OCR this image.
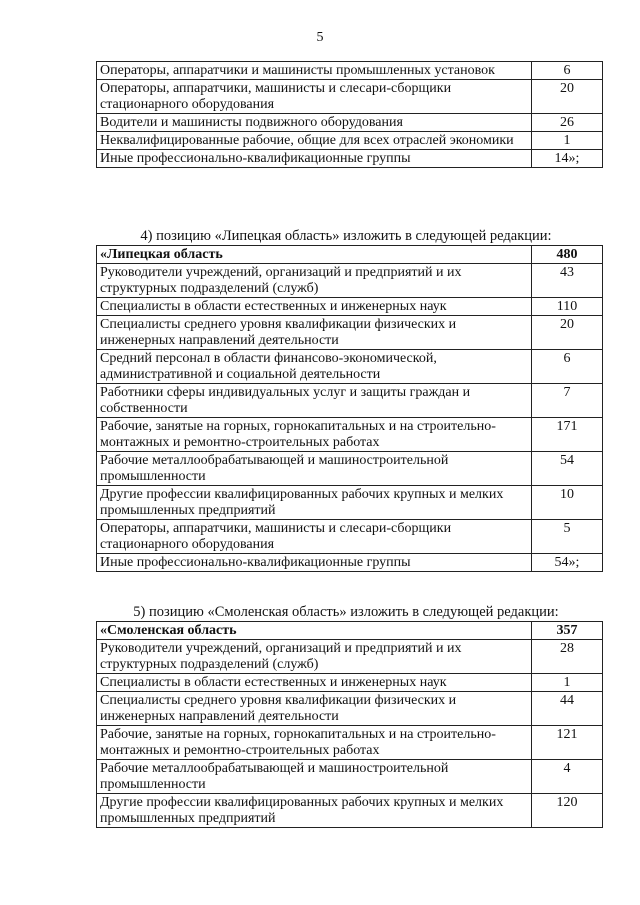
5
Операторы, аппаратчики и машинисты промышленных установок	6
Операторы, аппаратчики, машинисты и слесари-сборщики стационарного оборудования	20
Водители и машинисты подвижного оборудования	26
Неквалифицированные рабочие, общие для всех отраслей экономики	1
Иные профессионально-квалификационные группы	14»;
4) позицию «Липецкая область» изложить в следующей редакции:
«Липецкая область	480
Руководители учреждений, организаций и предприятий и их структурных подразделений (служб)	43
Специалисты в области естественных и инженерных наук	110
Специалисты среднего уровня квалификации физических и инженерных направлений деятельности	20
Средний персонал в области финансово-экономической, административной и социальной деятельности	6
Работники сферы индивидуальных услуг и защиты граждан и собственности	7
Рабочие, занятые на горных, горнокапитальных и на строительно-монтажных и ремонтно-строительных работах	171
Рабочие металлообрабатывающей и машиностроительной промышленности	54
Другие профессии квалифицированных рабочих крупных и мелких промышленных предприятий	10
Операторы, аппаратчики, машинисты и слесари-сборщики стационарного оборудования	5
Иные профессионально-квалификационные группы	54»;
5) позицию «Смоленская область» изложить в следующей редакции:
«Смоленская область	357
Руководители учреждений, организаций и предприятий и их структурных подразделений (служб)	28
Специалисты в области естественных и инженерных наук	1
Специалисты среднего уровня квалификации физических и инженерных направлений деятельности	44
Рабочие, занятые на горных, горнокапитальных и на строительно-монтажных и ремонтно-строительных работах	121
Рабочие металлообрабатывающей и машиностроительной промышленности	4
Другие профессии квалифицированных рабочих крупных и мелких промышленных предприятий	120
